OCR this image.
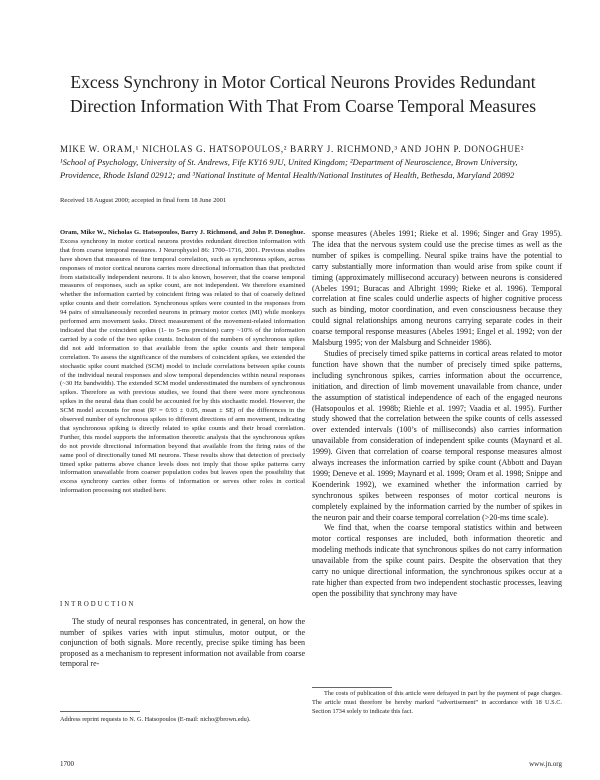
Excess Synchrony in Motor Cortical Neurons Provides Redundant Direction Information With That From Coarse Temporal Measures
MIKE W. ORAM,¹ NICHOLAS G. HATSOPOULOS,² BARRY J. RICHMOND,³ AND JOHN P. DONOGHUE²
¹School of Psychology, University of St. Andrews, Fife KY16 9JU, United Kingdom; ²Department of Neuroscience, Brown University, Providence, Rhode Island 02912; and ³National Institute of Mental Health/National Institutes of Health, Bethesda, Maryland 20892
Received 18 August 2000; accepted in final form 18 June 2001
Oram, Mike W., Nicholas G. Hatsopoulos, Barry J. Richmond, and John P. Donoghue. Excess synchrony in motor cortical neurons provides redundant direction information with that from coarse temporal measures. J Neurophysiol 86: 1700–1716, 2001. Previous studies have shown that measures of fine temporal correlation, such as synchronous spikes, across responses of motor cortical neurons carries more directional information than that predicted from statistically independent neurons. It is also known, however, that the coarse temporal measures of responses, such as spike count, are not independent. We therefore examined whether the information carried by coincident firing was related to that of coarsely defined spike counts and their correlation. Synchronous spikes were counted in the responses from 94 pairs of simultaneously recorded neurons in primary motor cortex (MI) while monkeys performed arm movement tasks. Direct measurement of the movement-related information indicated that the coincident spikes (1- to 5-ms precision) carry ~10% of the information carried by a code of the two spike counts. Inclusion of the numbers of synchronous spikes did not add information to that available from the spike counts and their temporal correlation. To assess the significance of the numbers of coincident spikes, we extended the stochastic spike count matched (SCM) model to include correlations between spike counts of the individual neural responses and slow temporal dependencies within neural responses (~30 Hz bandwidth). The extended SCM model underestimated the numbers of synchronous spikes. Therefore as with previous studies, we found that there were more synchronous spikes in the neural data than could be accounted for by this stochastic model. However, the SCM model accounts for most (R² = 0.93 ± 0.05, mean ± SE) of the differences in the observed number of synchronous spikes to different directions of arm movement, indicating that synchronous spiking is directly related to spike counts and their broad correlation. Further, this model supports the information theoretic analysis that the synchronous spikes do not provide directional information beyond that available from the firing rates of the same pool of directionally tuned MI neurons. These results show that detection of precisely timed spike patterns above chance levels does not imply that those spike patterns carry information unavailable from coarser population codes but leaves open the possibility that excess synchrony carries other forms of information or serves other roles in cortical information processing not studied here.
INTRODUCTION

The study of neural responses has concentrated, in general, on how the number of spikes varies with input stimulus, motor output, or the conjunction of both signals. More recently, precise spike timing has been proposed as a mechanism to represent information not available from coarse temporal re-

sponse measures (Abeles 1991; Rieke et al. 1996; Singer and Gray 1995). The idea that the nervous system could use the precise times as well as the number of spikes is compelling. Neural spike trains have the potential to carry substantially more information than would arise from spike count if timing (approximately millisecond accuracy) between neurons is considered (Abeles 1991; Buracas and Albright 1999; Rieke et al. 1996). Temporal correlation at fine scales could underlie aspects of higher cognitive process such as binding, motor coordination, and even consciousness because they could signal relationships among neurons carrying separate codes in their coarse temporal response measures (Abeles 1991; Engel et al. 1992; von der Malsburg 1995; von der Malsburg and Schneider 1986).

Studies of precisely timed spike patterns in cortical areas related to motor function have shown that the number of precisely timed spike patterns, including synchronous spikes, carries information about the occurrence, initiation, and direction of limb movement unavailable from chance, under the assumption of statistical independence of each of the engaged neurons (Hatsopoulos et al. 1998b; Riehle et al. 1997; Vaadia et al. 1995). Further study showed that the correlation between the spike counts of cells assessed over extended intervals (100’s of milliseconds) also carries information unavailable from consideration of independent spike counts (Maynard et al. 1999). Given that correlation of coarse temporal response measures almost always increases the information carried by spike count (Abbott and Dayan 1999; Deneve et al. 1999; Maynard et al. 1999; Oram et al. 1998; Snippe and Koenderink 1992), we examined whether the information carried by synchronous spikes between responses of motor cortical neurons is completely explained by the information carried by the number of spikes in the neuron pair and their coarse temporal correlation (>20-ms time scale).

We find that, when the coarse temporal statistics within and between motor cortical responses are included, both information theoretic and modeling methods indicate that synchronous spikes do not carry information unavailable from the spike count pairs. Despite the observation that they carry no unique directional information, the synchronous spikes occur at a rate higher than expected from two independent stochastic processes, leaving open the possibility that synchrony may have

Address reprint requests to N. G. Hatsopoulos (E-mail: nicho@brown.edu).
The costs of publication of this article were defrayed in part by the payment of page charges. The article must therefore be hereby marked “advertisement” in accordance with 18 U.S.C. Section 1734 solely to indicate this fact.
1700	www.jn.org
